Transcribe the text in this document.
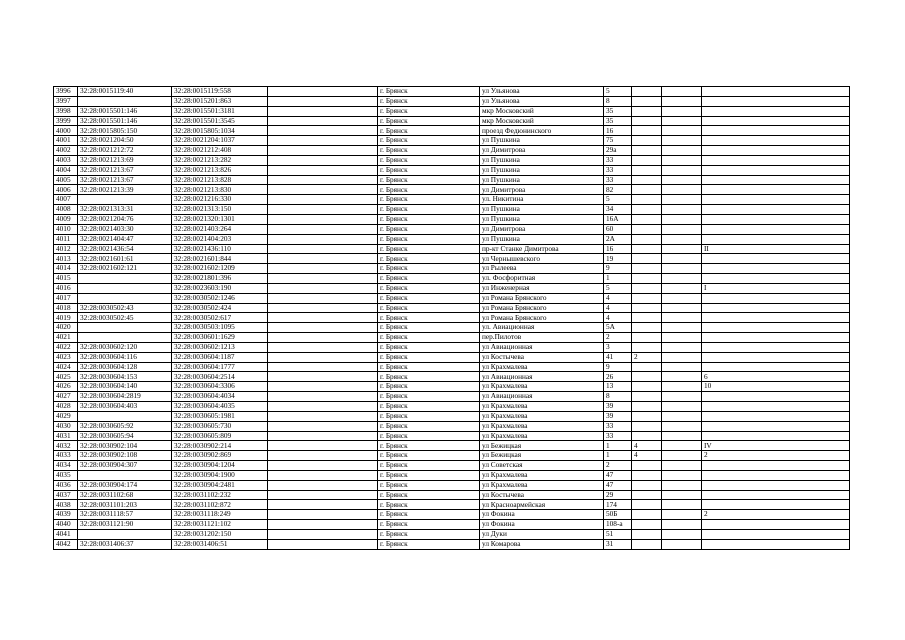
3996	32:28:0015119:40	32:28:0015119:558		г. Брянск	ул Ульянова	5			
3997		32:28:0015201:863		г. Брянск	ул Ульянова	8			
3998	32:28:0015501:146	32:28:0015501:3181		г. Брянск	мкр Московский	35			
3999	32:28:0015501:146	32:28:0015501:3545		г. Брянск	мкр Московский	35			
4000	32:28:0015805:150	32:28:0015805:1034		г. Брянск	проезд Федюнинского	16			
4001	32:28:0021204:50	32:28:0021204:1037		г. Брянск	ул Пушкина	75			
4002	32:28:0021212:72	32:28:0021212:408		г. Брянск	ул Димитрова	29а			
4003	32:28:0021213:69	32:28:0021213:282		г. Брянск	ул Пушкина	33			
4004	32:28:0021213:67	32:28:0021213:826		г. Брянск	ул Пушкина	33			
4005	32:28:0021213:67	32:28:0021213:828		г. Брянск	ул Пушкина	33			
4006	32:28:0021213:39	32:28:0021213:830		г. Брянск	ул Димитрова	82			
4007		32:28:0021216:330		г. Брянск	ул. Никитина	5			
4008	32:28:0021313:31	32:28:0021313:150		г. Брянск	ул Пушкина	34			
4009	32:28:0021204:76	32:28:0021320:1301		г. Брянск	ул Пушкина	16А			
4010	32:28:0021403:30	32:28:0021403:264		г. Брянск	ул Димитрова	60			
4011	32:28:0021404:47	32:28:0021404:203		г. Брянск	ул Пушкина	2А			
4012	32:28:0021436:54	32:28:0021436:110		г. Брянск	пр-кт Станке Димитрова	16			II
4013	32:28:0021601:61	32:28:0021601:844		г. Брянск	ул Чернышевского	19			
4014	32:28:0021602:121	32:28:0021602:1209		г. Брянск	ул Рылеева	9			
4015		32:28:0021801:396		г. Брянск	ул. Фосфоритная	1			
4016		32:28:0023603:190		г. Брянск	ул Инженерная	5			I
4017		32:28:0030502:1246		г. Брянск	ул Романа Брянского	4			
4018	32:28:0030502:43	32:28:0030502:424		г. Брянск	ул Романа Брянского	4			
4019	32:28:0030502:45	32:28:0030502:617		г. Брянск	ул Романа Брянского	4			
4020		32:28:0030503:1095		г. Брянск	ул. Авиационная	5А			
4021		32:28:0030601:1629		г. Брянск	пер.Пилотов	2			
4022	32:28:0030602:120	32:28:0030602:1213		г. Брянск	ул Авиационная	3			
4023	32:28:0030604:116	32:28:0030604:1187		г. Брянск	ул Костычева	41	2		
4024	32:28:0030604:128	32:28:0030604:1777		г. Брянск	ул Крахмалева	9			
4025	32:28:0030604:153	32:28:0030604:2514		г. Брянск	ул Авиационная	26			6
4026	32:28:0030604:140	32:28:0030604:3306		г. Брянск	ул Крахмалева	13			10
4027	32:28:0030604:2819	32:28:0030604:4034		г. Брянск	ул Авиационная	8			
4028	32:28:0030604:403	32:28:0030604:4035		г. Брянск	ул Крахмалева	39			
4029		32:28:0030605:1981		г. Брянск	ул Крахмалева	39			
4030	32:28:0030605:92	32:28:0030605:730		г. Брянск	ул Крахмалева	33			
4031	32:28:0030605:94	32:28:0030605:809		г. Брянск	ул Крахмалева	33			
4032	32:28:0030902:104	32:28:0030902:214		г. Брянск	ул Бежицкая	1	4		IV
4033	32:28:0030902:108	32:28:0030902:869		г. Брянск	ул Бежицкая	1	4		2
4034	32:28:0030904:307	32:28:0030904:1204		г. Брянск	ул Советская	2			
4035		32:28:0030904:1900		г. Брянск	ул Крахмалева	47			
4036	32:28:0030904:174	32:28:0030904:2481		г. Брянск	ул Крахмалева	47			
4037	32:28:0031102:68	32:28:0031102:232		г. Брянск	ул Костычева	29			
4038	32:28:0031101:203	32:28:0031102:872		г. Брянск	ул Красноармейская	174			
4039	32:28:0031118:57	32:28:0031118:249		г. Брянск	ул Фокина	50Б			2
4040	32:28:0031121:90	32:28:0031121:102		г. Брянск	ул Фокина	108-а			
4041		32:28:0031202:150		г. Брянск	ул Дуки	51			
4042	32:28:0031406:37	32:28:0031406:51		г. Брянск	ул Комарова	31			
